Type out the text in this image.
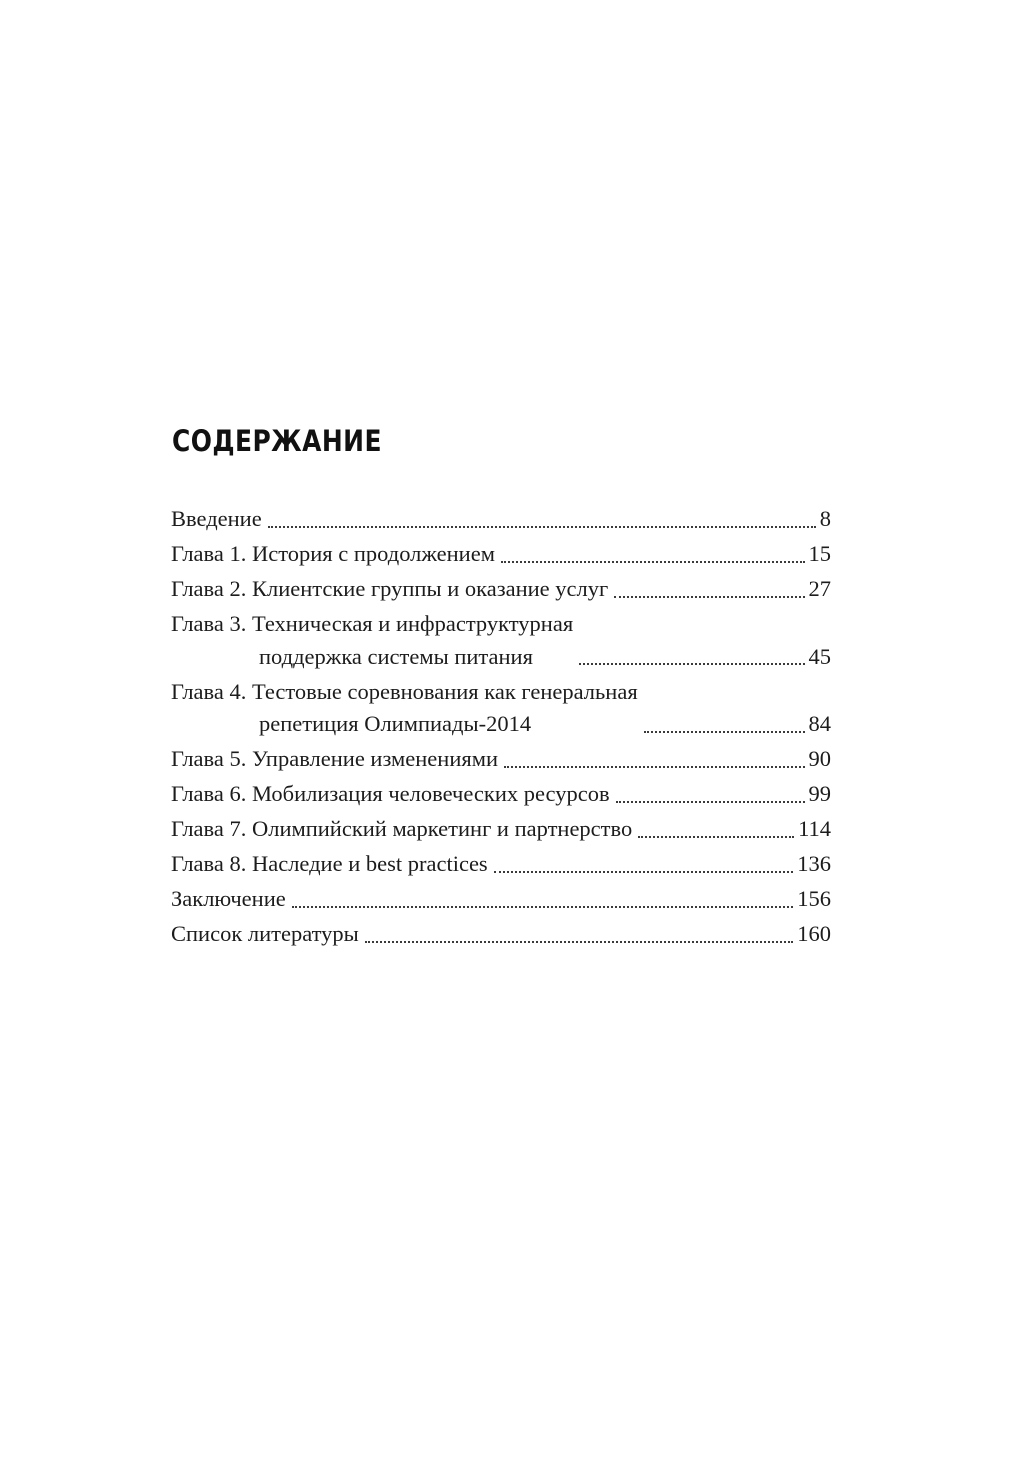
СОДЕРЖАНИЕ
Введение	8
Глава 1. История с продолжением	15
Глава 2. Клиентские группы и оказание услуг	27
Глава 3. Техническая и инфраструктурная
поддержка системы питания	45
Глава 4. Тестовые соревнования как генеральная
репетиция Олимпиады-2014	84
Глава 5. Управление изменениями	90
Глава 6. Мобилизация человеческих ресурсов	99
Глава 7. Олимпийский маркетинг и партнерство	114
Глава 8. Наследие и best practices	136
Заключение	156
Список литературы	160
